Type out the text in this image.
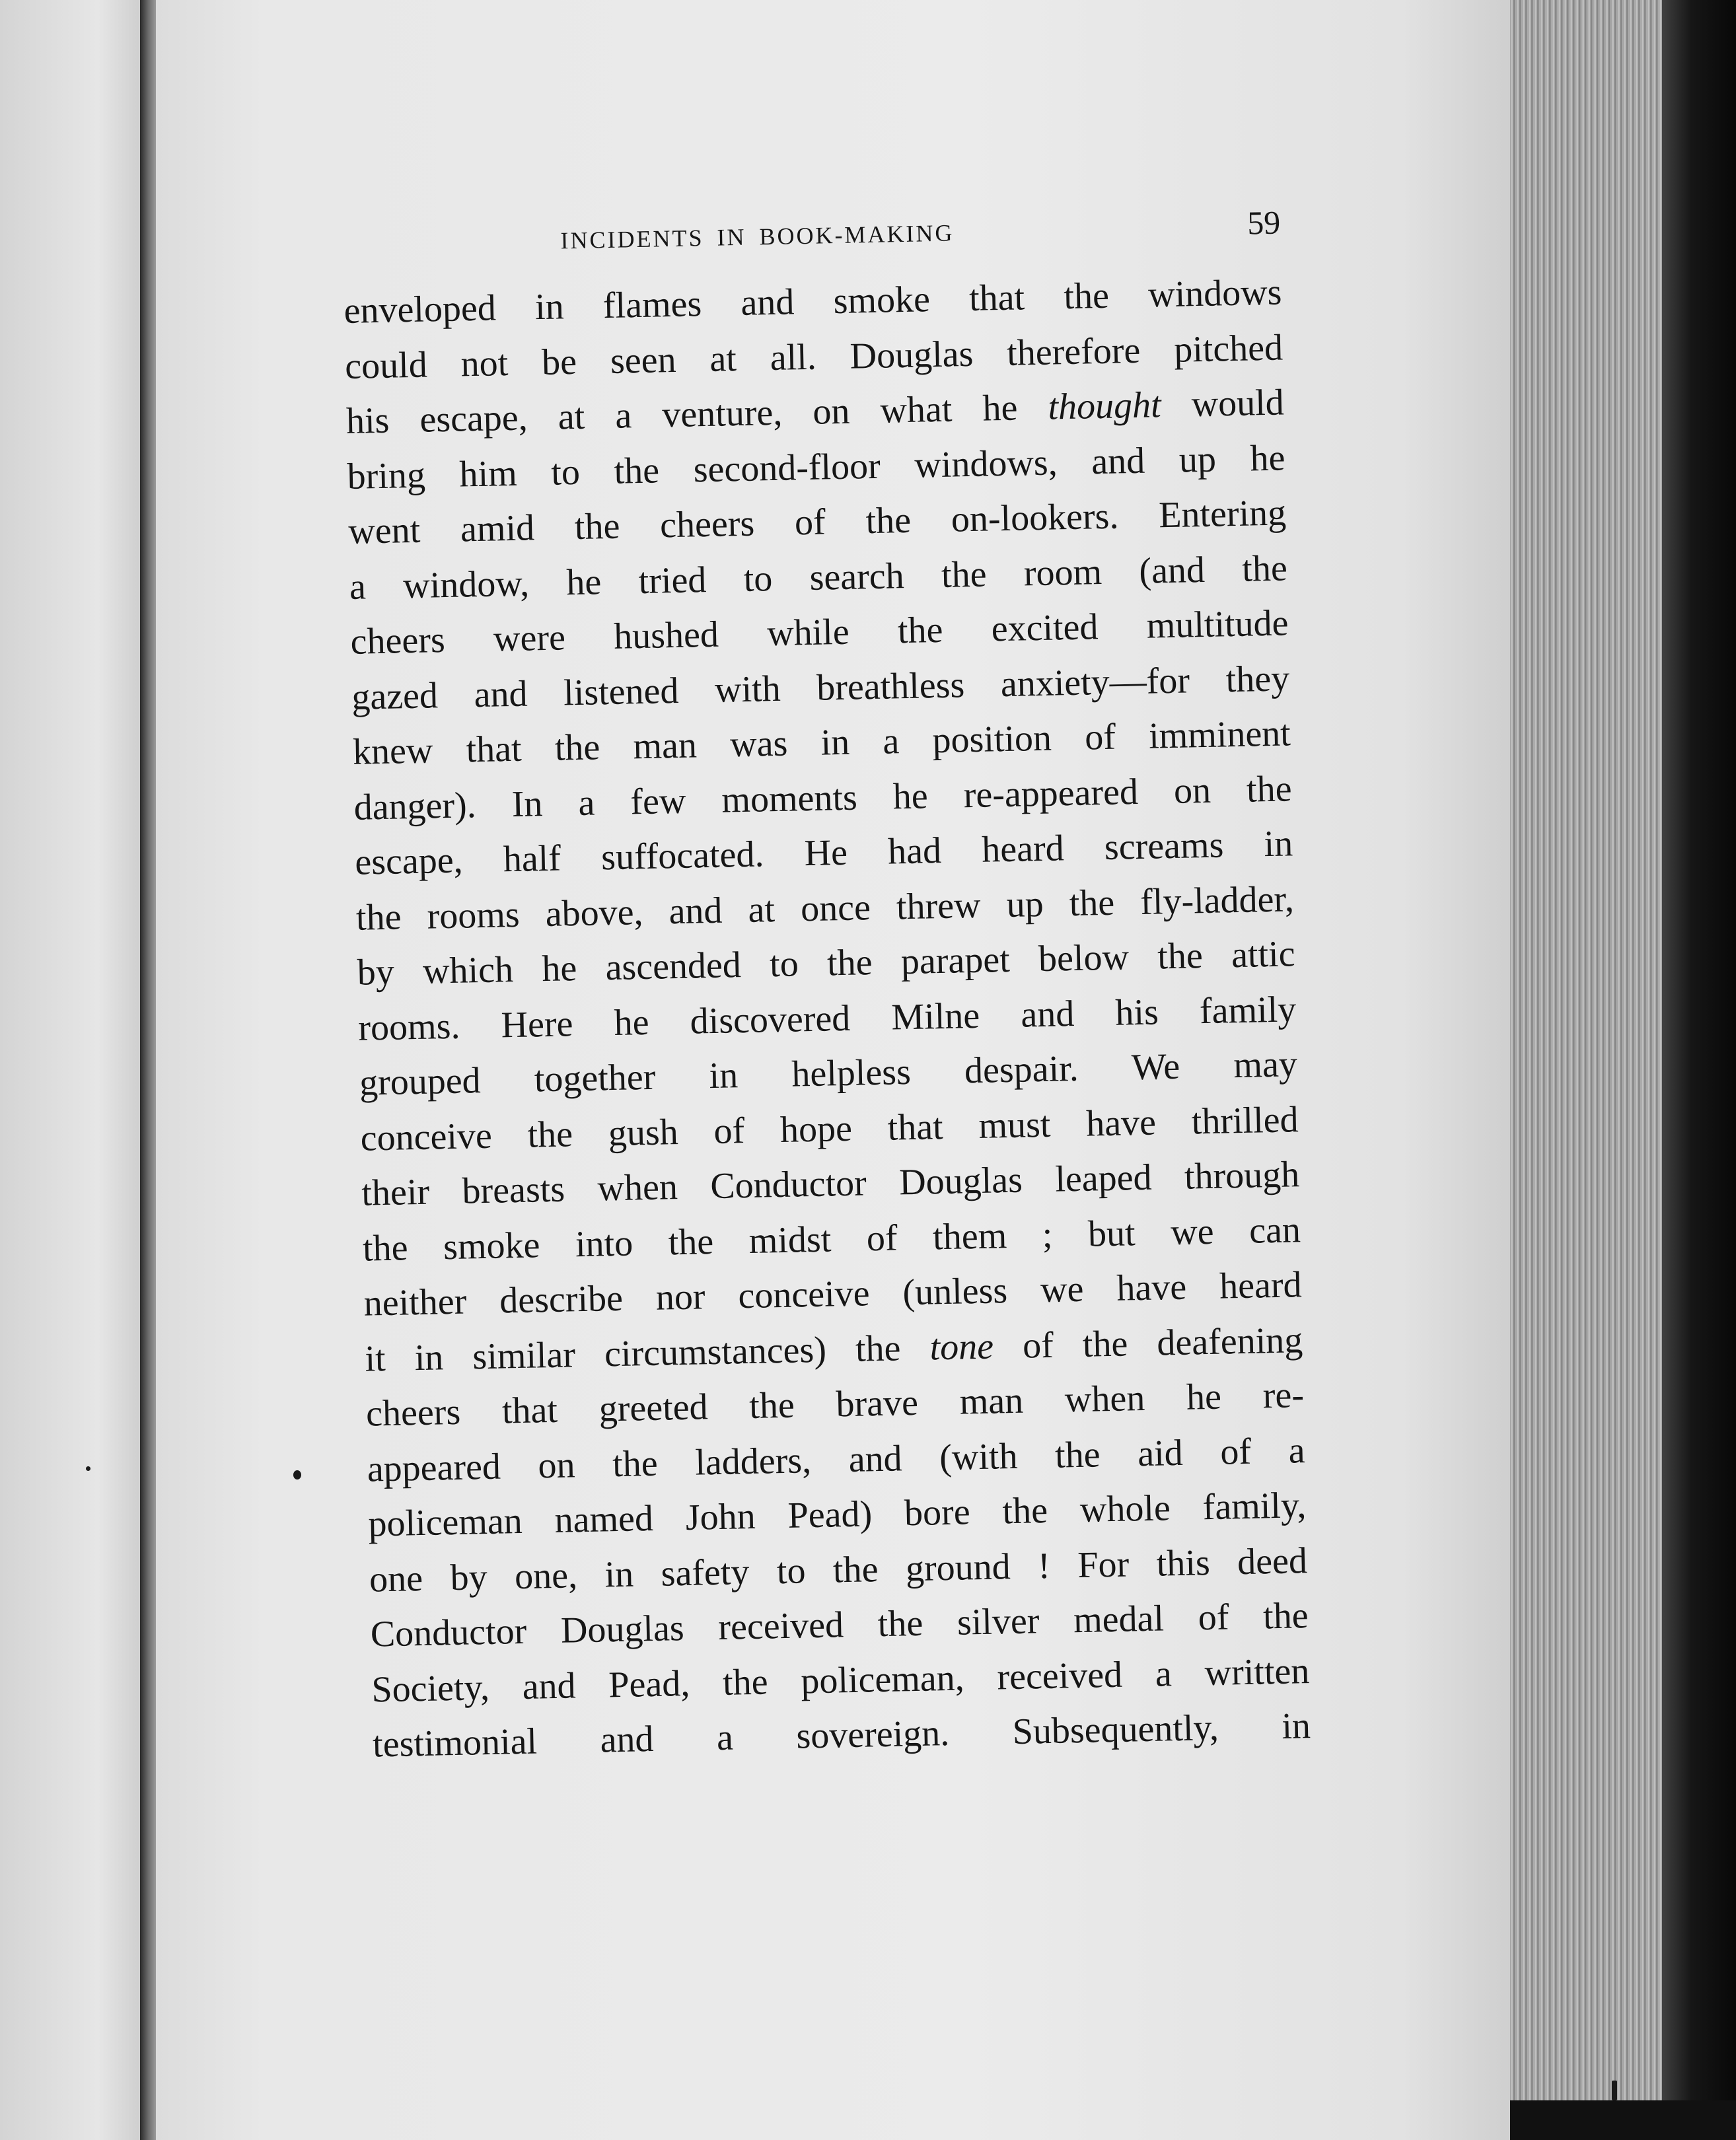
INCIDENTS IN BOOK-MAKING	59
enveloped in flames and smoke that the windows
could not be seen at all. Douglas therefore pitched
his escape, at a venture, on what he thought would
bring him to the second-floor windows, and up he
went amid the cheers of the on-lookers. Entering
a window, he tried to search the room (and the
cheers were hushed while the excited multitude
gazed and listened with breathless anxiety—for they
knew that the man was in a position of imminent
danger). In a few moments he re-appeared on the
escape, half suffocated. He had heard screams in
the rooms above, and at once threw up the fly-ladder,
by which he ascended to the parapet below the attic
rooms. Here he discovered Milne and his family
grouped together in helpless despair. We may
conceive the gush of hope that must have thrilled
their breasts when Conductor Douglas leaped through
the smoke into the midst of them ; but we can
neither describe nor conceive (unless we have heard
it in similar circumstances) the tone of the deafening
cheers that greeted the brave man when he re-
appeared on the ladders, and (with the aid of a
policeman named John Pead) bore the whole family,
one by one, in safety to the ground ! For this deed
Conductor Douglas received the silver medal of the
Society, and Pead, the policeman, received a written
testimonial and a sovereign. Subsequently, in
